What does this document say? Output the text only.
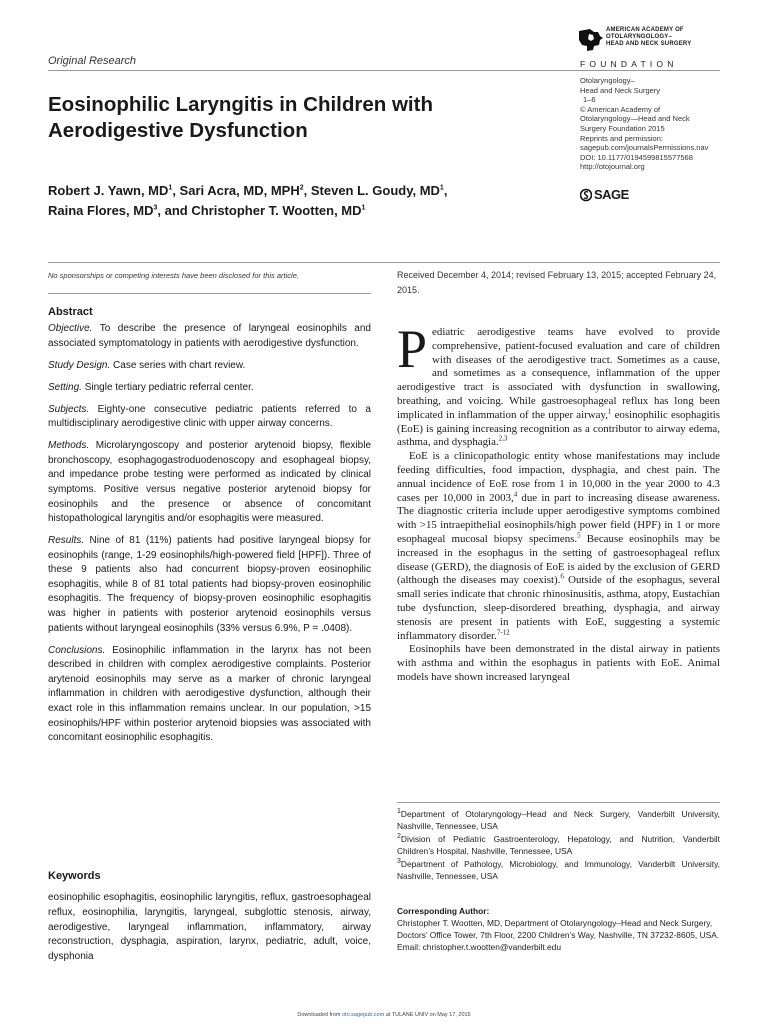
Original Research
AMERICAN ACADEMY OF
OTOLARYNGOLOGY–
HEAD AND NECK SURGERY
FOUNDATION
Otolaryngology–
Head and Neck Surgery
1–6
© American Academy of
Otolaryngology—Head and Neck
Surgery Foundation 2015
Reprints and permission:
sagepub.com/journalsPermissions.nav
DOI: 10.1177/0194599815577568
http://otojournal.org
SAGE
Eosinophilic Laryngitis in Children with
Aerodigestive Dysfunction
Robert J. Yawn, $MD^1$, Sari Acra, MD, MPH$^2$, Steven L. Goudy, $MD^1$,
Raina Flores, $MD^3$, and Christopher T. Wootten, $MD^1$
No sponsorships or competing interests have been disclosed for this article.	Received December 4, 2014; revised February 13, 2015; accepted February 24, 2015.
Abstract

Objective. To describe the presence of laryngeal eosinophils and associated symptomatology in patients with aerodigestive dysfunction.

Study Design. Case series with chart review.

Setting. Single tertiary pediatric referral center.

Subjects. Eighty-one consecutive pediatric patients referred to a multidisciplinary aerodigestive clinic with upper airway concerns.

Methods. Microlaryngoscopy and posterior arytenoid biopsy, flexible bronchoscopy, esophagogastroduodenoscopy and esophageal biopsy, and impedance probe testing were performed as indicated by clinical symptoms. Positive versus negative posterior arytenoid biopsy for eosinophils and the presence or absence of concomitant histopathological laryngitis and/or esophagitis were measured.

Results. Nine of 81 (11%) patients had positive laryngeal biopsy for eosinophils (range, 1-29 eosinophils/high-powered field [HPF]). Three of these 9 patients also had concurrent biopsy-proven eosinophilic esophagitis, while 8 of 81 total patients had biopsy-proven eosinophilic esophagitis. The frequency of biopsy-proven eosinophilic esophagitis was higher in patients with posterior arytenoid eosinophils versus patients without laryngeal eosinophils (33% versus 6.9%, P = .0408).

Conclusions. Eosinophilic inflammation in the larynx has not been described in children with complex aerodigestive complaints. Posterior arytenoid eosinophils may serve as a marker of chronic laryngeal inflammation in children with aerodigestive dysfunction, although their exact role in this inflammation remains unclear. In our population, >15 eosinophils/HPF within posterior arytenoid biopsies was associated with concomitant eosinophilic esophagitis.

Keywords
eosinophilic esophagitis, eosinophilic laryngitis, reflux, gastroesophageal reflux, eosinophilia, laryngitis, laryngeal, subglottic stenosis, airway, aerodigestive, laryngeal inflammation, inflammatory, airway reconstruction, dysphagia, aspiration, larynx, pediatric, adult, voice, dysphonia

Pediatric aerodigestive teams have evolved to provide comprehensive, patient-focused evaluation and care of children with diseases of the aerodigestive tract. Sometimes as a cause, and sometimes as a consequence, inflammation of the upper aerodigestive tract is associated with dysfunction in swallowing, breathing, and voicing. While gastroesophageal reflux has long been implicated in inflammation of the upper airway,$^1$ eosinophilic esophagitis (EoE) is gaining increasing recognition as a contributor to airway edema, asthma, and dysphagia.$^{2,3}$

EoE is a clinicopathologic entity whose manifestations may include feeding difficulties, food impaction, dysphagia, and chest pain. The annual incidence of EoE rose from 1 in 10,000 in the year 2000 to 4.3 cases per 10,000 in 2003,$^4$ due in part to increasing disease awareness. The diagnostic criteria include upper aerodigestive symptoms combined with >15 intraepithelial eosinophils/high power field (HPF) in 1 or more esophageal mucosal biopsy specimens.$^5$ Because eosinophils may be increased in the esophagus in the setting of gastroesophageal reflux disease (GERD), the diagnosis of EoE is aided by the exclusion of GERD (although the diseases may coexist).$^6$ Outside of the esophagus, several small series indicate that chronic rhinosinusitis, asthma, atopy, Eustachian tube dysfunction, sleep-disordered breathing, dysphagia, and airway stenosis are present in patients with EoE, suggesting a systemic inflammatory disorder.$^{7-12}$

Eosinophils have been demonstrated in the distal airway in patients with asthma and within the esophagus in patients with EoE. Animal models have shown increased laryngeal

$^1$Department of Otolaryngology–Head and Neck Surgery, Vanderbilt University, Nashville, Tennessee, USA
$^2$Division of Pediatric Gastroenterology, Hepatology, and Nutrition, Vanderbilt Children’s Hospital, Nashville, Tennessee, USA
$^3$Department of Pathology, Microbiology, and Immunology, Vanderbilt University, Nashville, Tennessee, USA
Corresponding Author:
Christopher T. Wootten, MD, Department of Otolaryngology–Head and Neck Surgery, Doctors’ Office Tower, 7th Floor, 2200 Children’s Way, Nashville, TN 37232-8605, USA.
Email: christopher.t.wootten@vanderbilt.edu
Downloaded from oto.sagepub.com at TULANE UNIV on May 17, 2015
